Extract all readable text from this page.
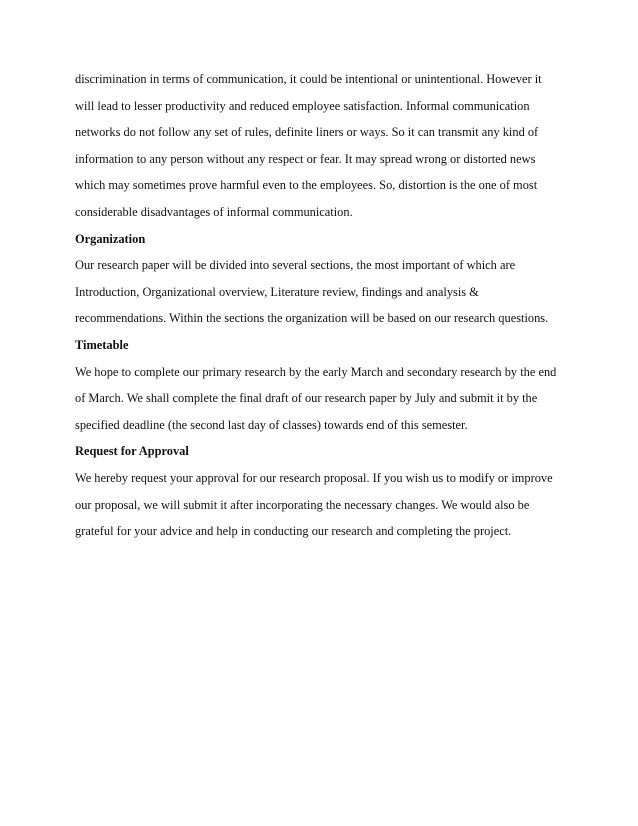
discrimination in terms of communication, it could be intentional or unintentional. However it
will lead to lesser productivity and reduced employee satisfaction. Informal communication
networks do not follow any set of rules, definite liners or ways. So it can transmit any kind of
information to any person without any respect or fear. It may spread wrong or distorted news
which may sometimes prove harmful even to the employees. So, distortion is the one of most
considerable disadvantages of informal communication.
Organization
Our research paper will be divided into several sections, the most important of which are
Introduction, Organizational overview, Literature review, findings and analysis &
recommendations. Within the sections the organization will be based on our research questions.
Timetable
We hope to complete our primary research by the early March and secondary research by the end
of March. We shall complete the final draft of our research paper by July and submit it by the
specified deadline (the second last day of classes) towards end of this semester.
Request for Approval
We hereby request your approval for our research proposal. If you wish us to modify or improve
our proposal, we will submit it after incorporating the necessary changes. We would also be
grateful for your advice and help in conducting our research and completing the project.
